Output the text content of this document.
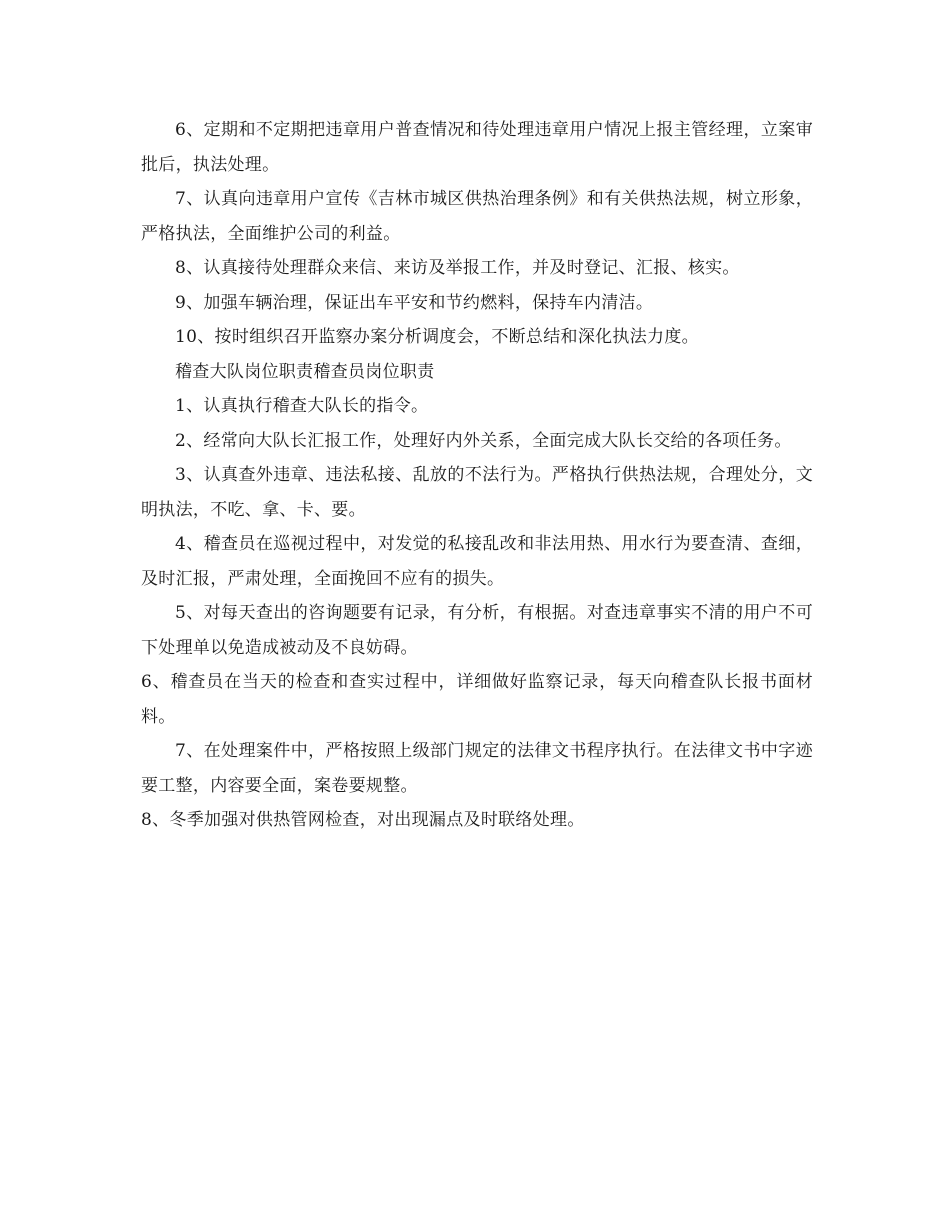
6、定期和不定期把违章用户普查情况和待处理违章用户情况上报主管经理，立案审批后，执法处理。

7、认真向违章用户宣传《吉林市城区供热治理条例》和有关供热法规，树立形象，严格执法，全面维护公司的利益。

8、认真接待处理群众来信、来访及举报工作，并及时登记、汇报、核实。

9、加强车辆治理，保证出车平安和节约燃料，保持车内清洁。

10、按时组织召开监察办案分析调度会，不断总结和深化执法力度。

稽查大队岗位职责稽查员岗位职责

1、认真执行稽查大队长的指令。

2、经常向大队长汇报工作，处理好内外关系，全面完成大队长交给的各项任务。

3、认真查外违章、违法私接、乱放的不法行为。严格执行供热法规，合理处分，文明执法，不吃、拿、卡、要。

4、稽查员在巡视过程中，对发觉的私接乱改和非法用热、用水行为要查清、查细，及时汇报，严肃处理，全面挽回不应有的损失。

5、对每天查出的咨询题要有记录，有分析，有根据。对查违章事实不清的用户不可下处理单以免造成被动及不良妨碍。

6、稽查员在当天的检查和查实过程中，详细做好监察记录，每天向稽查队长报书面材料。

7、在处理案件中，严格按照上级部门规定的法律文书程序执行。在法律文书中字迹要工整，内容要全面，案卷要规整。

8、冬季加强对供热管网检查，对出现漏点及时联络处理。
